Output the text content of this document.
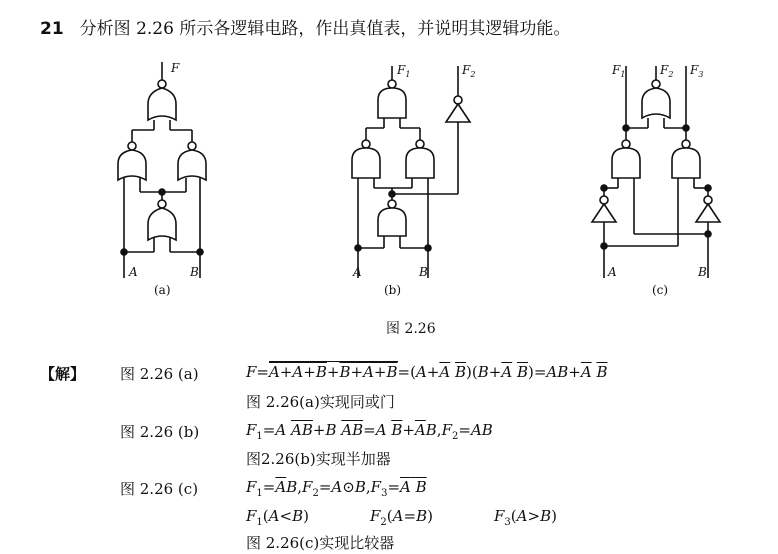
21 分析图 2.26 所示各逻辑电路，作出真值表，并说明其逻辑功能。
F
A	B
(a)
$F_1$	$F_2$
A	B
(b)
$F_1$	$F_2$ $F_3$
A	B
(c)
图 2.26
【解】 图 2.26 (a)	$F=A+A+B+B+A+B=(A+\overline{A}$ $\overline{B})(B+\overline{A}$ $\overline{B})=AB+\overline{A}$ $\overline{B}$
图 2.26(a)实现同或门
图 2.26 (b)	$F_1=A$ $\overline{AB}+B$ $\overline{AB}=A$ $\overline{B}+\overline{A}B,F_2=AB$
图2.26(b)实现半加器
图 2.26 (c)	$F_1=\overline{A}B,F_2=A⊙B,F_3=A$ B
$F_1(A<B)$	$F_2(A=B)$	$F_3(A>B)$
图 2.26(c)实现比较器
